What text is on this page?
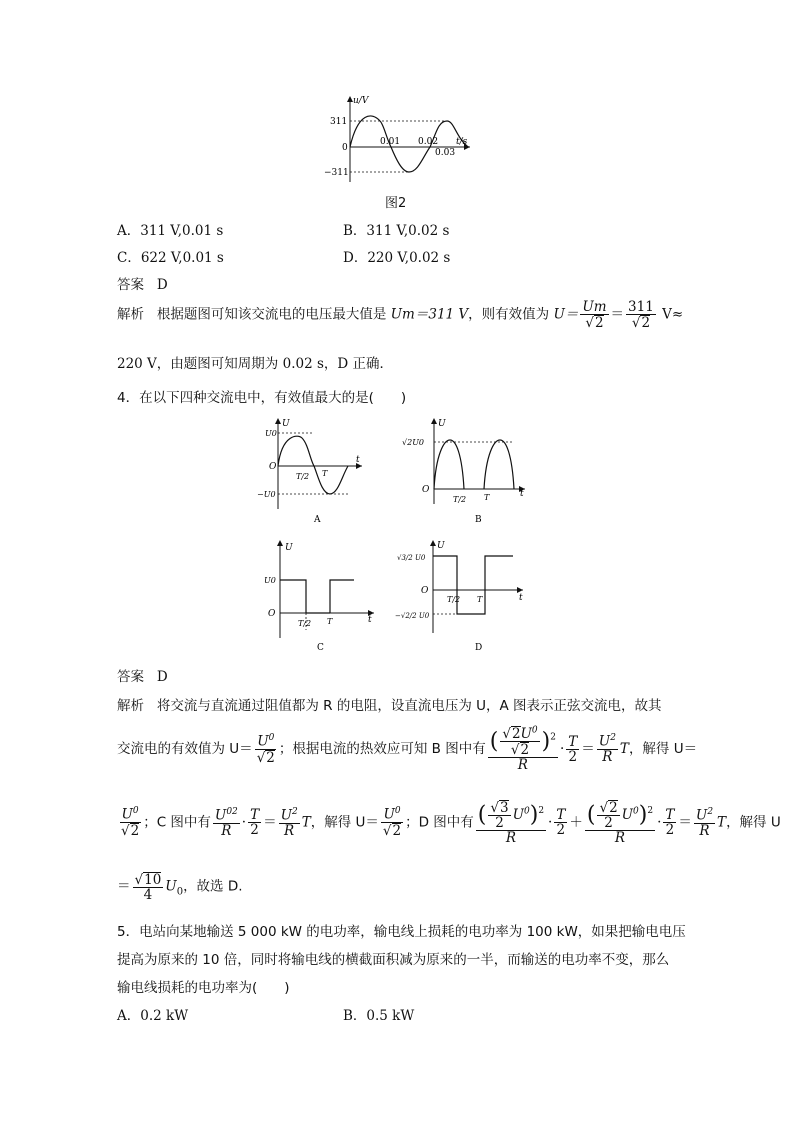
311
0
−311
u/V
t/s
0.01 0.02
0.03
图2
A．311 V,0.01 s	B．311 V,0.02 s
C．622 V,0.01 s	D．220 V,0.02 s
答案 D
解析 根据题图可知该交流电的电压最大值是 Um＝311 V，则有效值为 $U= \frac{Um}{√2} = \frac{311}{√2} V\approx$
220 V，由题图可知周期为 0.02 s，D 正确．
4．在以下四种交流电中，有效值最大的是(　　)
U
U0
O
−U0
t
T/2 T
A
U
√2U0
O	t
T/2 T
B
U
U0
O
t
T/2 T
C
U
√3/2 U0
O
−√2/2 U0
t
T/2 T
D
答案 D
解析 将交流与直流通过阻值都为 R 的电阻，设直流电压为 U，A 图表示正弦交流电，故其
交流电的有效值为 $U= \frac{U^0}{√2}$ ；根据电流的热效应可知 B 图中有 $\frac{( \frac{√2U^0}{√2} )^2}{R} \cdot \frac{T}{2} = \frac{U^2}{R}$ T，解得 U＝
$\frac{U^0}{√2}$ ；C 图中有 $\frac{U^{02}}{R} \cdot \frac{T}{2} = \frac{U^2}{R}$ T，解得 $U= \frac{U^0}{√2}$ ；D 图中有 $\frac{( \frac{√3}{2} U^0)^2}{R} \cdot \frac{T}{2} + \frac{( \frac{√2}{2} U^0)^2}{R} \cdot \frac{T}{2} = \frac{U^2}{R}$ T，解得 U
＝ $\frac{√10}{4} U_0$，故选 D.
5．电站向某地输送 5 000 kW 的电功率，输电线上损耗的电功率为 100 kW，如果把输电电压
提高为原来的 10 倍，同时将输电线的横截面积减为原来的一半，而输送的电功率不变，那么
输电线损耗的电功率为(　　)
A．0.2 kW	B．0.5 kW
